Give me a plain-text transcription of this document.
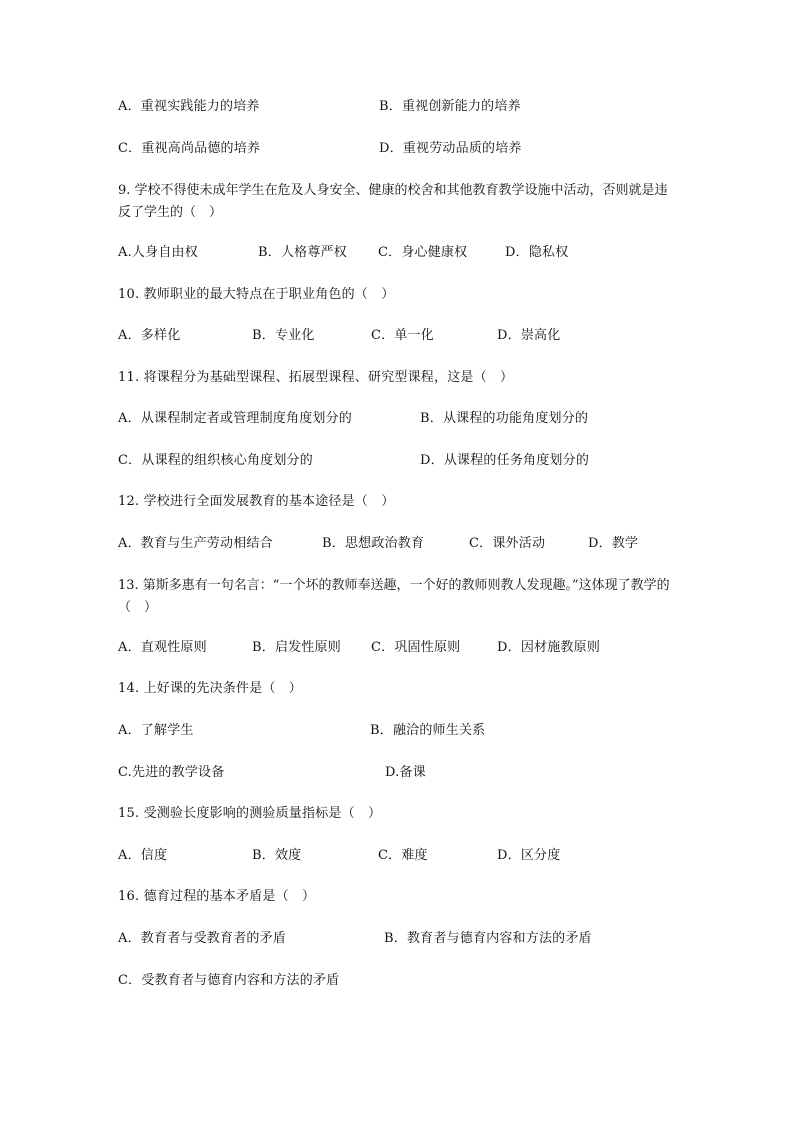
A．重视实践能力的培养	B．重视创新能力的培养
C．重视高尚品德的培养	D．重视劳动品质的培养
9. 学校不得使未成年学生在危及人身安全、健康的校舍和其他教育教学设施中活动，否则就是违反了学生的（　）
A.人身自由权	B．人格尊严权 C．身心健康权	D．隐私权
10. 教师职业的最大特点在于职业角色的（　）
A．多样化	B．专业化	C．单一化	D．崇高化
11. 将课程分为基础型课程、拓展型课程、研究型课程，这是（　）
A．从课程制定者或管理制度角度划分的	B．从课程的功能角度划分的
C．从课程的组织核心角度划分的	D．从课程的任务角度划分的
12. 学校进行全面发展教育的基本途径是（　）
A．教育与生产劳动相结合	B．思想政治教育	C．课外活动	D．教学
13. 第斯多惠有一句名言：“一个坏的教师奉送趣，一个好的教师则教人发现趣。”这体现了教学的（　）
A．直观性原则	B．启发性原则 C．巩固性原则	D．因材施教原则
14. 上好课的先决条件是（　）
A．了解学生	B．融洽的师生关系
C.先进的教学设备	D.备课
15. 受测验长度影响的测验质量指标是（　）
A．信度	B．效度	C．难度	D．区分度
16. 德育过程的基本矛盾是（　）
A．教育者与受教育者的矛盾	B．教育者与德育内容和方法的矛盾
C．受教育者与德育内容和方法的矛盾
